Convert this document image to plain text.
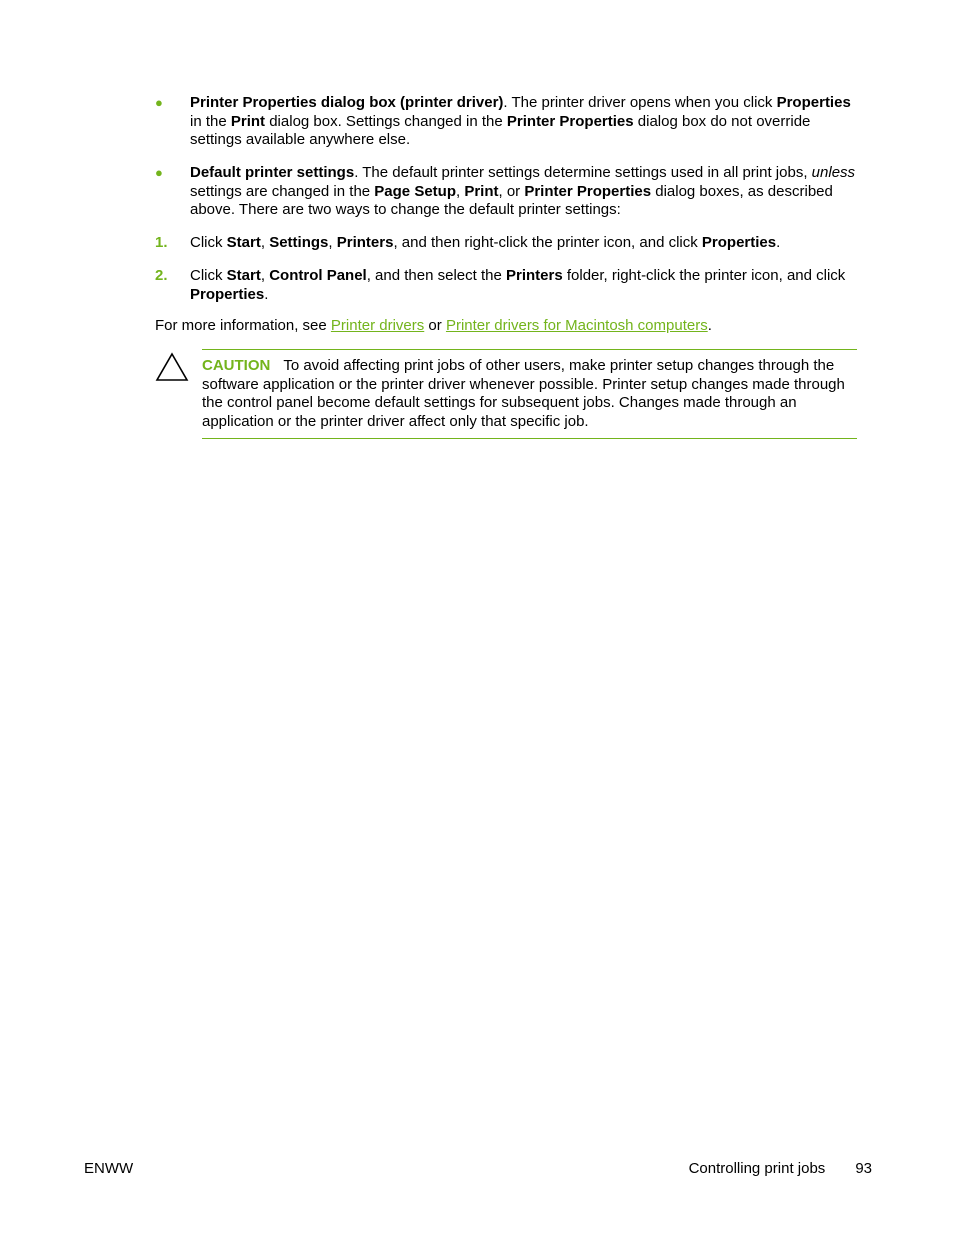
● Printer Properties dialog box (printer driver). The printer driver opens when you click Properties in the Print dialog box. Settings changed in the Printer Properties dialog box do not override settings available anywhere else.
● Default printer settings. The default printer settings determine settings used in all print jobs, unless settings are changed in the Page Setup, Print, or Printer Properties dialog boxes, as described above. There are two ways to change the default printer settings:
1. Click Start, Settings, Printers, and then right-click the printer icon, and click Properties.
2. Click Start, Control Panel, and then select the Printers folder, right-click the printer icon, and click Properties.
For more information, see Printer drivers or Printer drivers for Macintosh computers.
CAUTION To avoid affecting print jobs of other users, make printer setup changes through the software application or the printer driver whenever possible. Printer setup changes made through the control panel become default settings for subsequent jobs. Changes made through an application or the printer driver affect only that specific job.
ENWW	Controlling print jobs 93
